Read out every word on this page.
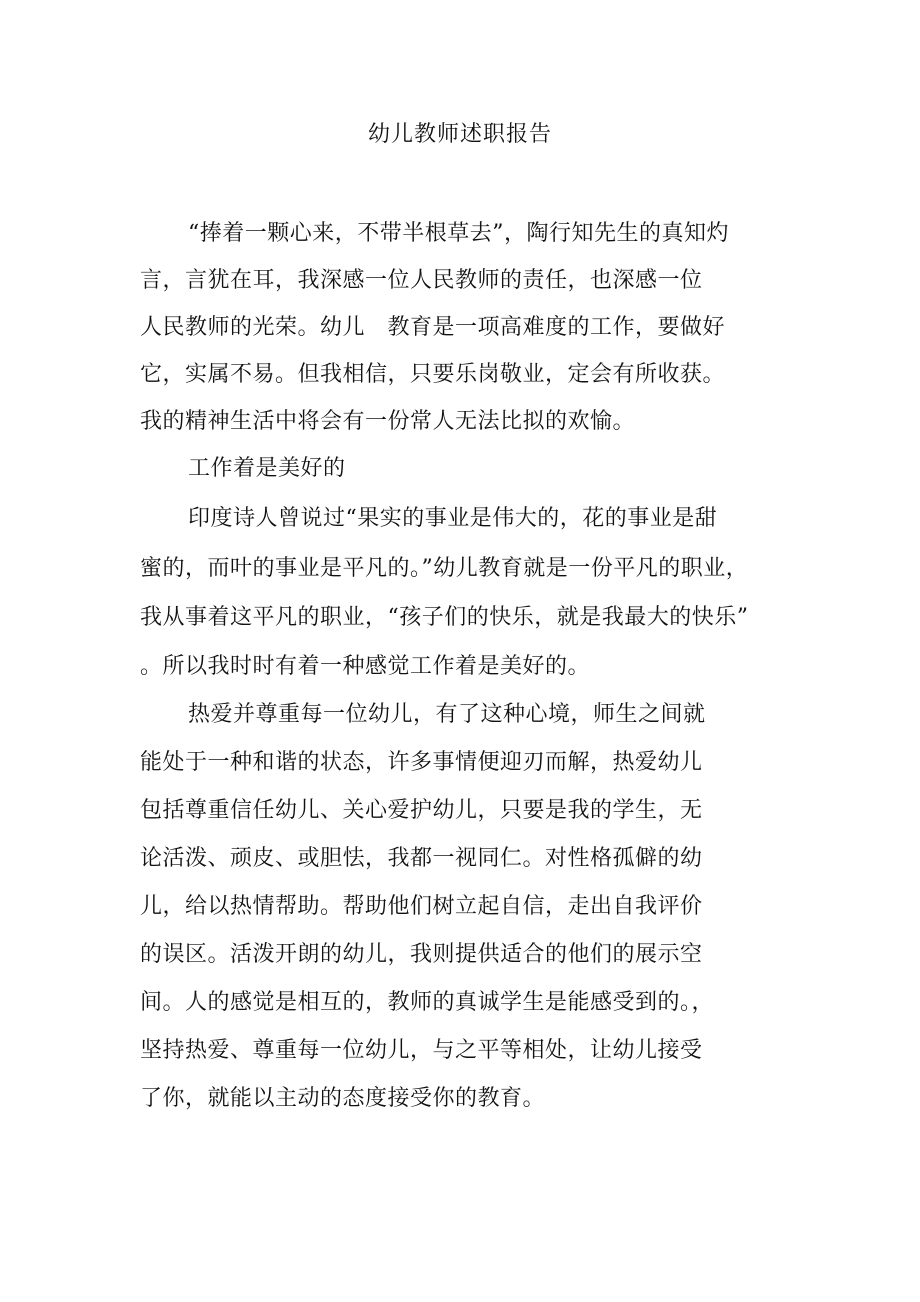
幼儿教师述职报告
“捧着一颗心来，不带半根草去”，陶行知先生的真知灼
言，言犹在耳，我深感一位人民教师的责任，也深感一位
人民教师的光荣。幼儿　教育是一项高难度的工作，要做好
它，实属不易。但我相信，只要乐岗敬业，定会有所收获。
我的精神生活中将会有一份常人无法比拟的欢愉。
工作着是美好的
印度诗人曾说过“果实的事业是伟大的，花的事业是甜
蜜的，而叶的事业是平凡的。”幼儿教育就是一份平凡的职业，
我从事着这平凡的职业，“孩子们的快乐，就是我最大的快乐”
。所以我时时有着一种感觉工作着是美好的。
热爱并尊重每一位幼儿，有了这种心境，师生之间就
能处于一种和谐的状态，许多事情便迎刃而解，热爱幼儿
包括尊重信任幼儿、关心爱护幼儿，只要是我的学生，无
论活泼、顽皮、或胆怯，我都一视同仁。对性格孤僻的幼
儿，给以热情帮助。帮助他们树立起自信，走出自我评价
的误区。活泼开朗的幼儿，我则提供适合的他们的展示空
间。人的感觉是相互的，教师的真诚学生是能感受到的。，
坚持热爱、尊重每一位幼儿，与之平等相处，让幼儿接受
了你，就能以主动的态度接受你的教育。
